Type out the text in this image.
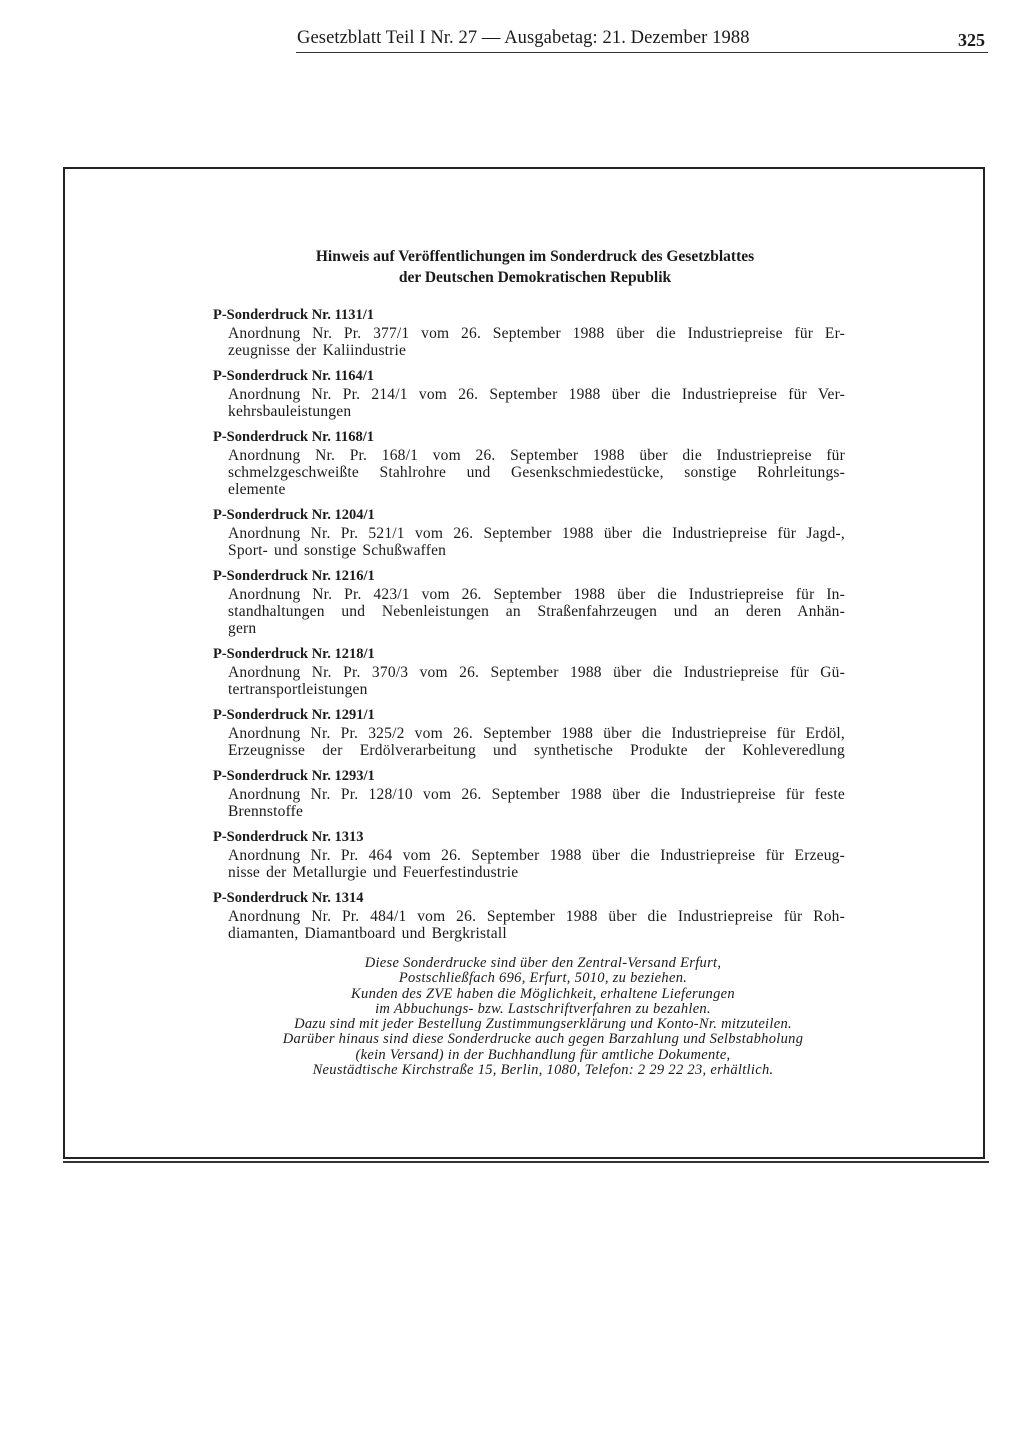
Gesetzblatt Teil I Nr. 27 — Ausgabetag: 21. Dezember 1988	325
Hinweis auf Veröffentlichungen im Sonderdruck des Gesetzblattes
der Deutschen Demokratischen Republik
P-Sonderdruck Nr. 1131/1
Anordnung Nr. Pr. 377/1 vom 26. September 1988 über die Industriepreise für Er-
zeugnisse der Kaliindustrie
P-Sonderdruck Nr. 1164/1
Anordnung Nr. Pr. 214/1 vom 26. September 1988 über die Industriepreise für Ver-
kehrsbauleistungen
P-Sonderdruck Nr. 1168/1
Anordnung Nr. Pr. 168/1 vom 26. September 1988 über die Industriepreise für
schmelzgeschweißte Stahlrohre und Gesenkschmiedestücke, sonstige Rohrleitungs-
elemente
P-Sonderdruck Nr. 1204/1
Anordnung Nr. Pr. 521/1 vom 26. September 1988 über die Industriepreise für Jagd-,
Sport- und sonstige Schußwaffen
P-Sonderdruck Nr. 1216/1
Anordnung Nr. Pr. 423/1 vom 26. September 1988 über die Industriepreise für In-
standhaltungen und Nebenleistungen an Straßenfahrzeugen und an deren Anhän-
gern
P-Sonderdruck Nr. 1218/1
Anordnung Nr. Pr. 370/3 vom 26. September 1988 über die Industriepreise für Gü-
tertransportleistungen
P-Sonderdruck Nr. 1291/1
Anordnung Nr. Pr. 325/2 vom 26. September 1988 über die Industriepreise für Erdöl,
Erzeugnisse der Erdölverarbeitung und synthetische Produkte der Kohleveredlung
P-Sonderdruck Nr. 1293/1
Anordnung Nr. Pr. 128/10 vom 26. September 1988 über die Industriepreise für feste
Brennstoffe
P-Sonderdruck Nr. 1313
Anordnung Nr. Pr. 464 vom 26. September 1988 über die Industriepreise für Erzeug-
nisse der Metallurgie und Feuerfestindustrie
P-Sonderdruck Nr. 1314
Anordnung Nr. Pr. 484/1 vom 26. September 1988 über die Industriepreise für Roh-
diamanten, Diamantboard und Bergkristall
Diese Sonderdrucke sind über den Zentral-Versand Erfurt,
Postschließfach 696, Erfurt, 5010, zu beziehen.
Kunden des ZVE haben die Möglichkeit, erhaltene Lieferungen
im Abbuchungs- bzw. Lastschriftverfahren zu bezahlen.
Dazu sind mit jeder Bestellung Zustimmungserklärung und Konto-Nr. mitzuteilen.
Darüber hinaus sind diese Sonderdrucke auch gegen Barzahlung und Selbstabholung
(kein Versand) in der Buchhandlung für amtliche Dokumente,
Neustädtische Kirchstraße 15, Berlin, 1080, Telefon: 2 29 22 23, erhältlich.
